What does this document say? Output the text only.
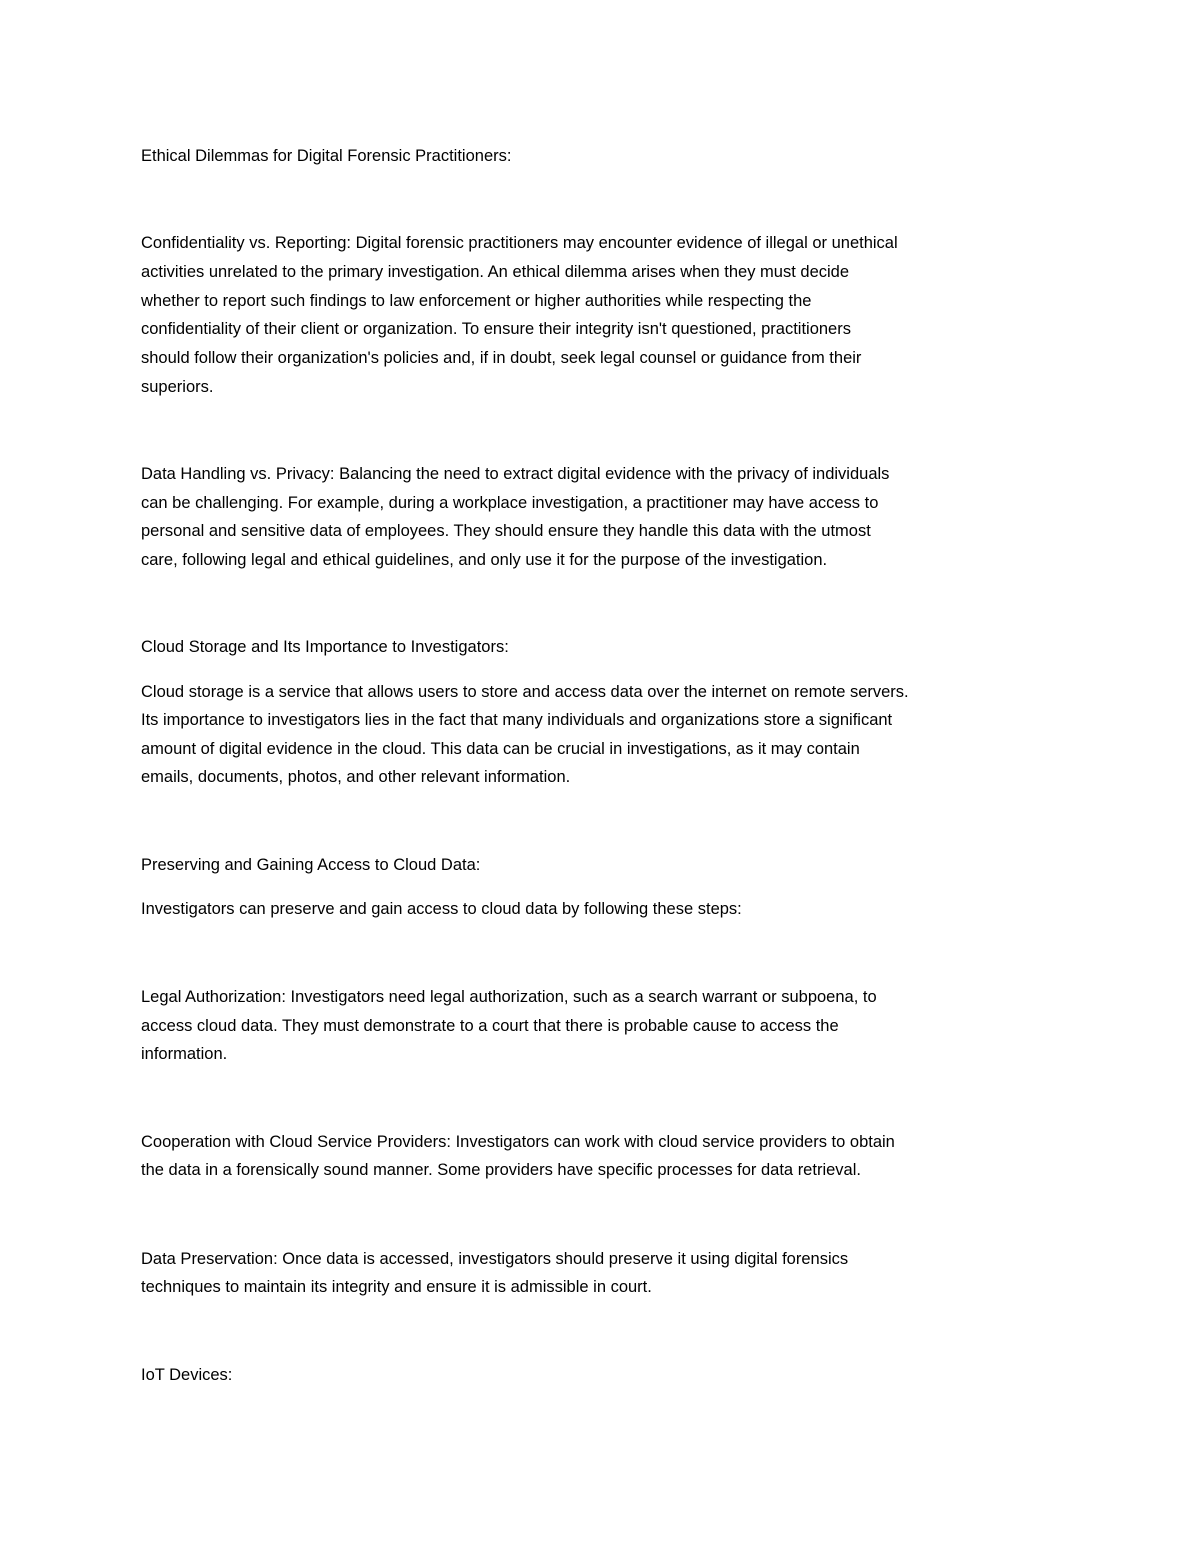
Ethical Dilemmas for Digital Forensic Practitioners:
Confidentiality vs. Reporting: Digital forensic practitioners may encounter evidence of illegal or unethical
activities unrelated to the primary investigation. An ethical dilemma arises when they must decide
whether to report such findings to law enforcement or higher authorities while respecting the
confidentiality of their client or organization. To ensure their integrity isn't questioned, practitioners
should follow their organization's policies and, if in doubt, seek legal counsel or guidance from their
superiors.
Data Handling vs. Privacy: Balancing the need to extract digital evidence with the privacy of individuals
can be challenging. For example, during a workplace investigation, a practitioner may have access to
personal and sensitive data of employees. They should ensure they handle this data with the utmost
care, following legal and ethical guidelines, and only use it for the purpose of the investigation.
Cloud Storage and Its Importance to Investigators:
Cloud storage is a service that allows users to store and access data over the internet on remote servers.
Its importance to investigators lies in the fact that many individuals and organizations store a significant
amount of digital evidence in the cloud. This data can be crucial in investigations, as it may contain
emails, documents, photos, and other relevant information.
Preserving and Gaining Access to Cloud Data:
Investigators can preserve and gain access to cloud data by following these steps:
Legal Authorization: Investigators need legal authorization, such as a search warrant or subpoena, to
access cloud data. They must demonstrate to a court that there is probable cause to access the
information.
Cooperation with Cloud Service Providers: Investigators can work with cloud service providers to obtain
the data in a forensically sound manner. Some providers have specific processes for data retrieval.
Data Preservation: Once data is accessed, investigators should preserve it using digital forensics
techniques to maintain its integrity and ensure it is admissible in court.
IoT Devices:
